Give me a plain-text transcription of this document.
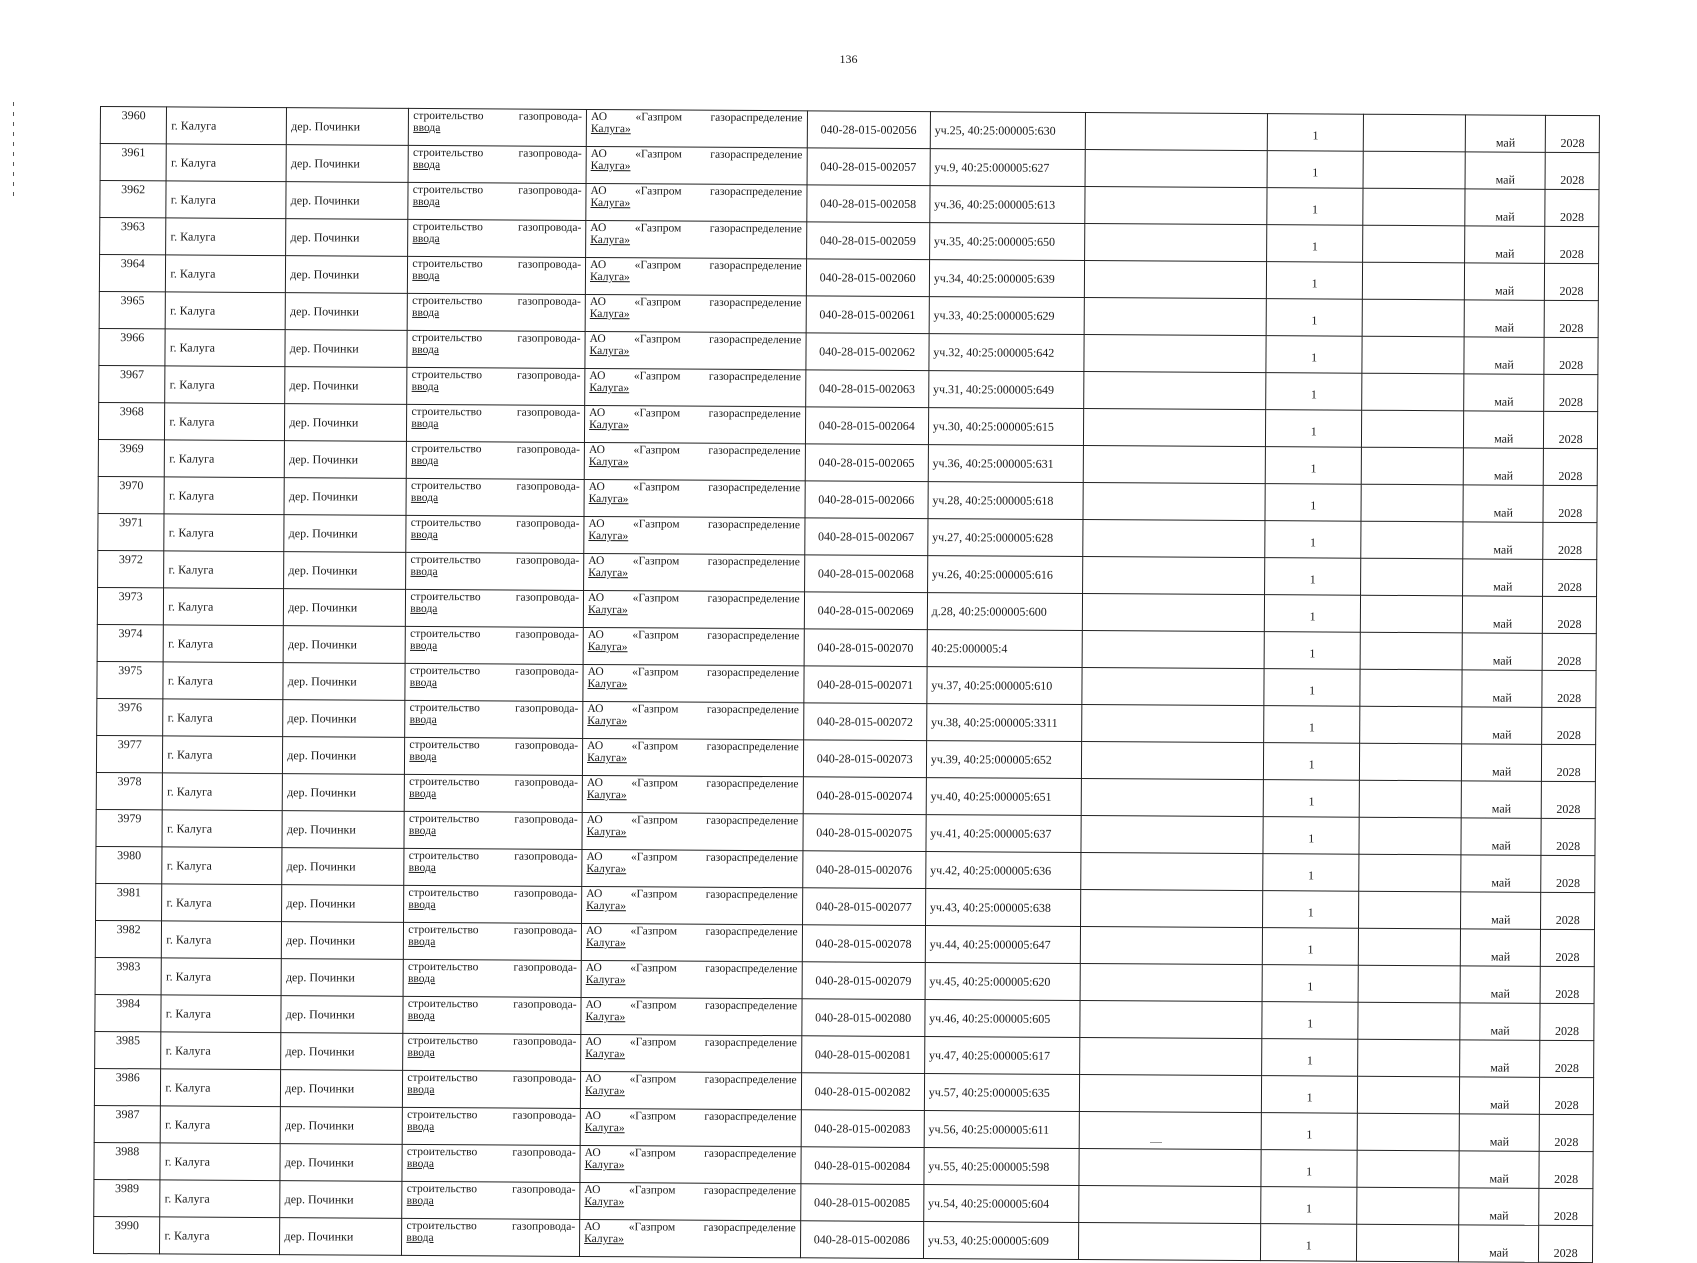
136
3960	г. Калуга	дер. Починки	строительство газопровода-
ввода	АО «Газпром газораспределение
Калуга»	040-28-015-002056	уч.25, 40:25:000005:630		1		май	2028
3961	г. Калуга	дер. Починки	строительство газопровода-
ввода	АО «Газпром газораспределение
Калуга»	040-28-015-002057	уч.9, 40:25:000005:627		1		май	2028
3962	г. Калуга	дер. Починки	строительство газопровода-
ввода	АО «Газпром газораспределение
Калуга»	040-28-015-002058	уч.36, 40:25:000005:613		1		май	2028
3963	г. Калуга	дер. Починки	строительство газопровода-
ввода	АО «Газпром газораспределение
Калуга»	040-28-015-002059	уч.35, 40:25:000005:650		1		май	2028
3964	г. Калуга	дер. Починки	строительство газопровода-
ввода	АО «Газпром газораспределение
Калуга»	040-28-015-002060	уч.34, 40:25:000005:639		1		май	2028
3965	г. Калуга	дер. Починки	строительство газопровода-
ввода	АО «Газпром газораспределение
Калуга»	040-28-015-002061	уч.33, 40:25:000005:629		1		май	2028
3966	г. Калуга	дер. Починки	строительство газопровода-
ввода	АО «Газпром газораспределение
Калуга»	040-28-015-002062	уч.32, 40:25:000005:642		1		май	2028
3967	г. Калуга	дер. Починки	строительство газопровода-
ввода	АО «Газпром газораспределение
Калуга»	040-28-015-002063	уч.31, 40:25:000005:649		1		май	2028
3968	г. Калуга	дер. Починки	строительство газопровода-
ввода	АО «Газпром газораспределение
Калуга»	040-28-015-002064	уч.30, 40:25:000005:615		1		май	2028
3969	г. Калуга	дер. Починки	строительство газопровода-
ввода	АО «Газпром газораспределение
Калуга»	040-28-015-002065	уч.36, 40:25:000005:631		1		май	2028
3970	г. Калуга	дер. Починки	строительство газопровода-
ввода	АО «Газпром газораспределение
Калуга»	040-28-015-002066	уч.28, 40:25:000005:618		1		май	2028
3971	г. Калуга	дер. Починки	строительство газопровода-
ввода	АО «Газпром газораспределение
Калуга»	040-28-015-002067	уч.27, 40:25:000005:628		1		май	2028
3972	г. Калуга	дер. Починки	строительство газопровода-
ввода	АО «Газпром газораспределение
Калуга»	040-28-015-002068	уч.26, 40:25:000005:616		1		май	2028
3973	г. Калуга	дер. Починки	строительство газопровода-
ввода	АО «Газпром газораспределение
Калуга»	040-28-015-002069	д.28, 40:25:000005:600		1		май	2028
3974	г. Калуга	дер. Починки	строительство газопровода-
ввода	АО «Газпром газораспределение
Калуга»	040-28-015-002070	40:25:000005:4		1		май	2028
3975	г. Калуга	дер. Починки	строительство газопровода-
ввода	АО «Газпром газораспределение
Калуга»	040-28-015-002071	уч.37, 40:25:000005:610		1		май	2028
3976	г. Калуга	дер. Починки	строительство газопровода-
ввода	АО «Газпром газораспределение
Калуга»	040-28-015-002072	уч.38, 40:25:000005:3311		1		май	2028
3977	г. Калуга	дер. Починки	строительство газопровода-
ввода	АО «Газпром газораспределение
Калуга»	040-28-015-002073	уч.39, 40:25:000005:652		1		май	2028
3978	г. Калуга	дер. Починки	строительство газопровода-
ввода	АО «Газпром газораспределение
Калуга»	040-28-015-002074	уч.40, 40:25:000005:651		1		май	2028
3979	г. Калуга	дер. Починки	строительство газопровода-
ввода	АО «Газпром газораспределение
Калуга»	040-28-015-002075	уч.41, 40:25:000005:637		1		май	2028
3980	г. Калуга	дер. Починки	строительство газопровода-
ввода	АО «Газпром газораспределение
Калуга»	040-28-015-002076	уч.42, 40:25:000005:636		1		май	2028
3981	г. Калуга	дер. Починки	строительство газопровода-
ввода	АО «Газпром газораспределение
Калуга»	040-28-015-002077	уч.43, 40:25:000005:638		1		май	2028
3982	г. Калуга	дер. Починки	строительство газопровода-
ввода	АО «Газпром газораспределение
Калуга»	040-28-015-002078	уч.44, 40:25:000005:647		1		май	2028
3983	г. Калуга	дер. Починки	строительство газопровода-
ввода	АО «Газпром газораспределение
Калуга»	040-28-015-002079	уч.45, 40:25:000005:620		1		май	2028
3984	г. Калуга	дер. Починки	строительство газопровода-
ввода	АО «Газпром газораспределение
Калуга»	040-28-015-002080	уч.46, 40:25:000005:605		1		май	2028
3985	г. Калуга	дер. Починки	строительство газопровода-
ввода	АО «Газпром газораспределение
Калуга»	040-28-015-002081	уч.47, 40:25:000005:617		1		май	2028
3986	г. Калуга	дер. Починки	строительство газопровода-
ввода	АО «Газпром газораспределение
Калуга»	040-28-015-002082	уч.57, 40:25:000005:635		1		май	2028
3987	г. Калуга	дер. Починки	строительство газопровода-
ввода	АО «Газпром газораспределение
Калуга»	040-28-015-002083	уч.56, 40:25:000005:611		1		май	2028
3988	г. Калуга	дер. Починки	строительство газопровода-
ввода	АО «Газпром газораспределение
Калуга»	040-28-015-002084	уч.55, 40:25:000005:598		1		май	2028
3989	г. Калуга	дер. Починки	строительство газопровода-
ввода	АО «Газпром газораспределение
Калуга»	040-28-015-002085	уч.54, 40:25:000005:604		1		май	2028
3990	г. Калуга	дер. Починки	строительство газопровода-
ввода	АО «Газпром газораспределение
Калуга»	040-28-015-002086	уч.53, 40:25:000005:609		1		май	2028
